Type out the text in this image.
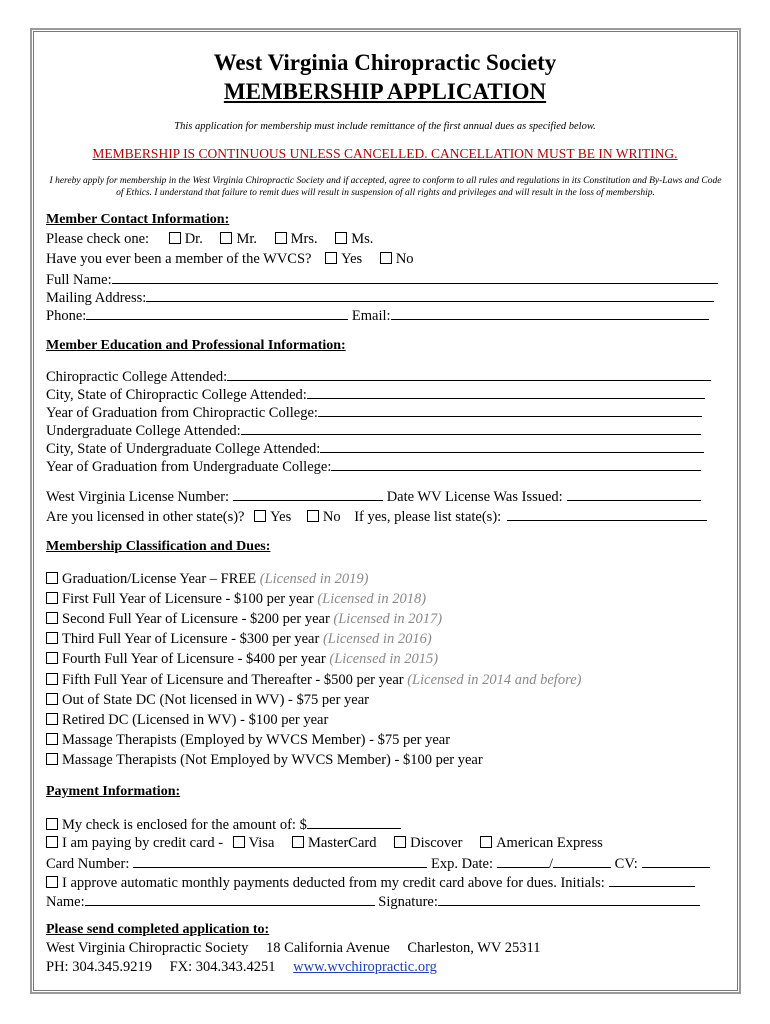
West Virginia Chiropractic Society
MEMBERSHIP APPLICATION
This application for membership must include remittance of the first annual dues as specified below.
MEMBERSHIP IS CONTINUOUS UNLESS CANCELLED. CANCELLATION MUST BE IN WRITING.
I hereby apply for membership in the West Virginia Chiropractic Society and if accepted, agree to conform to all rules and regulations in its Constitution and By-Laws and Code of Ethics. I understand that failure to remit dues will result in suspension of all rights and privileges and will result in the loss of membership.
Member Contact Information:
Please check one: Dr. Mr. Mrs. Ms.
Have you ever been a member of the WVCS? Yes No
Full Name:
Mailing Address:
Phone:	Email:
Member Education and Professional Information:
Chiropractic College Attended:
City, State of Chiropractic College Attended:
Year of Graduation from Chiropractic College:
Undergraduate College Attended:
City, State of Undergraduate College Attended:
Year of Graduation from Undergraduate College:
West Virginia License Number:	Date WV License Was Issued:
Are you licensed in other state(s)? Yes No If yes, please list state(s):
Membership Classification and Dues:
Graduation/License Year – FREE (Licensed in 2019)
First Full Year of Licensure - $100 per year (Licensed in 2018)
Second Full Year of Licensure - $200 per year (Licensed in 2017)
Third Full Year of Licensure - $300 per year (Licensed in 2016)
Fourth Full Year of Licensure - $400 per year (Licensed in 2015)
Fifth Full Year of Licensure and Thereafter - $500 per year (Licensed in 2014 and before)
Out of State DC (Not licensed in WV) - $75 per year
Retired DC (Licensed in WV) - $100 per year
Massage Therapists (Employed by WVCS Member) - $75 per year
Massage Therapists (Not Employed by WVCS Member) - $100 per year
Payment Information:
My check is enclosed for the amount of: $
I am paying by credit card - Visa MasterCard Discover American Express
Card Number:	Exp. Date:	/	CV:
I approve automatic monthly payments deducted from my credit card above for dues. Initials:
Name:	Signature:
Please send completed application to:
West Virginia Chiropractic Society 18 California Avenue Charleston, WV 25311
PH: 304.345.9219 FX: 304.343.4251 www.wvchiropractic.org
